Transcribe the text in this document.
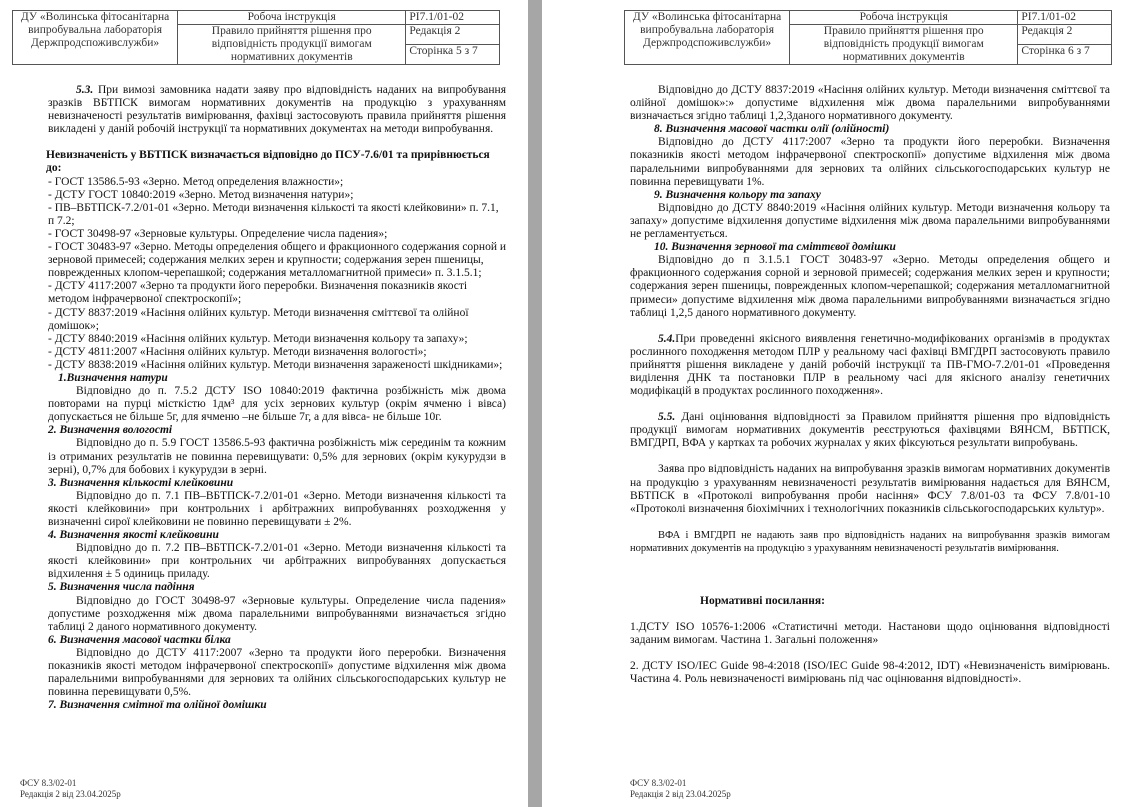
ДУ «Волинська фітосанітарна випробувальна лабораторія Держпродспоживслужби»	Робоча інструкція	РІ7.1/01-02
	Правило прийняття рішення про відповідність продукції вимогам нормативних документів	Редакція 2
		Сторінка 5 з 7

5.3. При вимозі замовника надати заяву про відповідність наданих на випробування зразків ВБТПСК вимогам нормативних документів на продукцію з урахуванням невизначеності результатів вимірювання, фахівці застосовують правила прийняття рішення викладені у даній робочій інструкції та нормативних документах на методи випробування.

Невизначеність у ВБТПСК визначається відповідно до ПСУ-7.6/01 та прирівнюється до:

- ГОСТ 13586.5-93 «Зерно. Метод определения влажности»;

- ДСТУ ГОСТ 10840:2019 «Зерно. Метод визначення натури»;

- ПВ–ВБТПСК-7.2/01-01 «Зерно. Методи визначення кількості та якості клейковини» п. 7.1, п 7.2;

- ГОСТ 30498-97 «Зерновые культуры. Определение числа падения»;

- ГОСТ 30483-97 «Зерно. Методы определения общего и фракционного содержания сорной и зерновой примесей; содержания мелких зерен и крупности; содержания зерен пшеницы, поврежденных клопом-черепашкой; содержания металломагнитной примеси» п. 3.1.5.1;

- ДСТУ 4117:2007 «Зерно та продукти його переробки. Визначення показників якості методом інфрачервоної спектроскопії»;

- ДСТУ 8837:2019 «Насіння олійних культур. Методи визначення сміттєвої та олійної домішок»;

- ДСТУ 8840:2019 «Насіння олійних культур. Методи визначення кольору та запаху»;

- ДСТУ 4811:2007 «Насіння олійних культур. Методи визначення вологості»;

- ДСТУ 8838:2019 «Насіння олійних культур. Методи визначення зараженості шкідниками»;

1.Визначення натури

Відповідно до п. 7.5.2 ДСТУ ISO 10840:2019 фактична розбіжність між двома повторами на пурці місткістю 1дм³ для усіх зернових культур (окрім ячменю і вівса) допускається не більше 5г, для ячменю –не більше 7г, а для вівса- не більше 10г.

2. Визначення вологості

Відповідно до п. 5.9 ГОСТ 13586.5-93 фактична розбіжність між серединім та кожним із отриманих результатів не повинна перевищувати: 0,5% для зернових (окрім кукурудзи в зерні), 0,7% для бобових і кукурудзи в зерні.

3. Визначення кількості клейковини

Відповідно до п. 7.1 ПВ–ВБТПСК-7.2/01-01 «Зерно. Методи визначення кількості та якості клейковини» при контрольних і арбітражних випробуваннях розходження у визначенні сирої клейковини не повинно перевищувати ± 2%.

4. Визначення якості клейковини

Відповідно до п. 7.2 ПВ–ВБТПСК-7.2/01-01 «Зерно. Методи визначення кількості та якості клейковини» при контрольних чи арбітражних випробуваннях допускається відхилення ± 5 одиниць приладу.

5. Визначення числа падіння

Відповідно до ГОСТ 30498-97 «Зерновые культуры. Определение числа падения» допустиме розходження між двома паралельними випробуваннями визначається згідно таблиці 2 даного нормативного документу.

6. Визначення масової частки білка

Відповідно до ДСТУ 4117:2007 «Зерно та продукти його переробки. Визначення показників якості методом інфрачервоної спектроскопії» допустиме відхилення між двома паралельними випробуваннями для зернових та олійних сільськогосподарських культур не повинна перевищувати 0,5%.

7. Визначення смітної та олійної домішки

ФСУ 8.3/02-01
Редакція 2 від 23.04.2025р
ДУ «Волинська фітосанітарна випробувальна лабораторія Держпродспоживслужби»	Робоча інструкція	РІ7.1/01-02
	Правило прийняття рішення про відповідність продукції вимогам нормативних документів	Редакція 2
		Сторінка 6 з 7

Відповідно до ДСТУ 8837:2019 «Насіння олійних культур. Методи визначення сміттєвої та олійної домішок»:» допустиме відхилення між двома паралельними випробуваннями визначається згідно таблиці 1,2,3даного нормативного документу.

8. Визначення масової частки олії (олійності)

Відповідно до ДСТУ 4117:2007 «Зерно та продукти його переробки. Визначення показників якості методом інфрачервоної спектроскопії» допустиме відхилення між двома паралельними випробуваннями для зернових та олійних сільськогосподарських культур не повинна перевищувати 1%.

9. Визначення кольору та запаху

Відповідно до ДСТУ 8840:2019 «Насіння олійних культур. Методи визначення кольору та запаху» допустиме відхилення допустиме відхилення між двома паралельними випробуваннями не регламентується.

10. Визначення зернової та сміттєвої домішки

Відповідно до п 3.1.5.1 ГОСТ 30483-97 «Зерно. Методы определения общего и фракционного содержания сорной и зерновой примесей; содержания мелких зерен и крупности; содержания зерен пшеницы, поврежденных клопом-черепашкой; содержания металломагнитной примеси» допустиме відхилення між двома паралельними випробуваннями визначається згідно таблиці 1,2,5 даного нормативного документу.

5.4.При проведенні якісного виявлення генетично-модифікованих організмів в продуктах рослинного походження методом ПЛР у реальному часі фахівці ВМГДРП застосовують правило прийняття рішення викладене у даній робочій інструкції та ПВ-ГМО-7.2/01-01 «Проведення виділення ДНК та постановки ПЛР в реальному часі для якісного аналізу генетичних модифікацій в продуктах рослинного походження».

5.5. Дані оцінювання відповідності за Правилом прийняття рішення про відповідність продукції вимогам нормативних документів реєструються фахівцями ВЯНСМ, ВБТПСК, ВМГДРП, ВФА у картках та робочих журналах у яких фіксуються результати випробувань.

Заява про відповідність наданих на випробування зразків вимогам нормативних документів на продукцію з урахуванням невизначеності результатів вимірювання надається для ВЯНСМ, ВБТПСК в «Протоколі випробування проби насіння» ФСУ 7.8/01-03 та ФСУ 7.8/01-10 «Протоколі визначення біохімічних і технологічних показників сільськогосподарських культур».

ВФА і ВМГДРП не надають заяв про відповідність наданих на випробування зразків вимогам нормативних документів на продукцію з урахуванням невизначеності результатів вимірювання.

Нормативні посилання:

1.ДСТУ ISO 10576-1:2006 «Статистичні методи. Настанови щодо оцінювання відповідності заданим вимогам. Частина 1. Загальні положення»

2. ДСТУ ISO/IEC Guide 98-4:2018 (ISO/IEC Guide 98-4:2012, IDT) «Невизначеність вимірювань. Частина 4. Роль невизначеності вимірювань під час оцінювання відповідності».

ФСУ 8.3/02-01
Редакція 2 від 23.04.2025р
